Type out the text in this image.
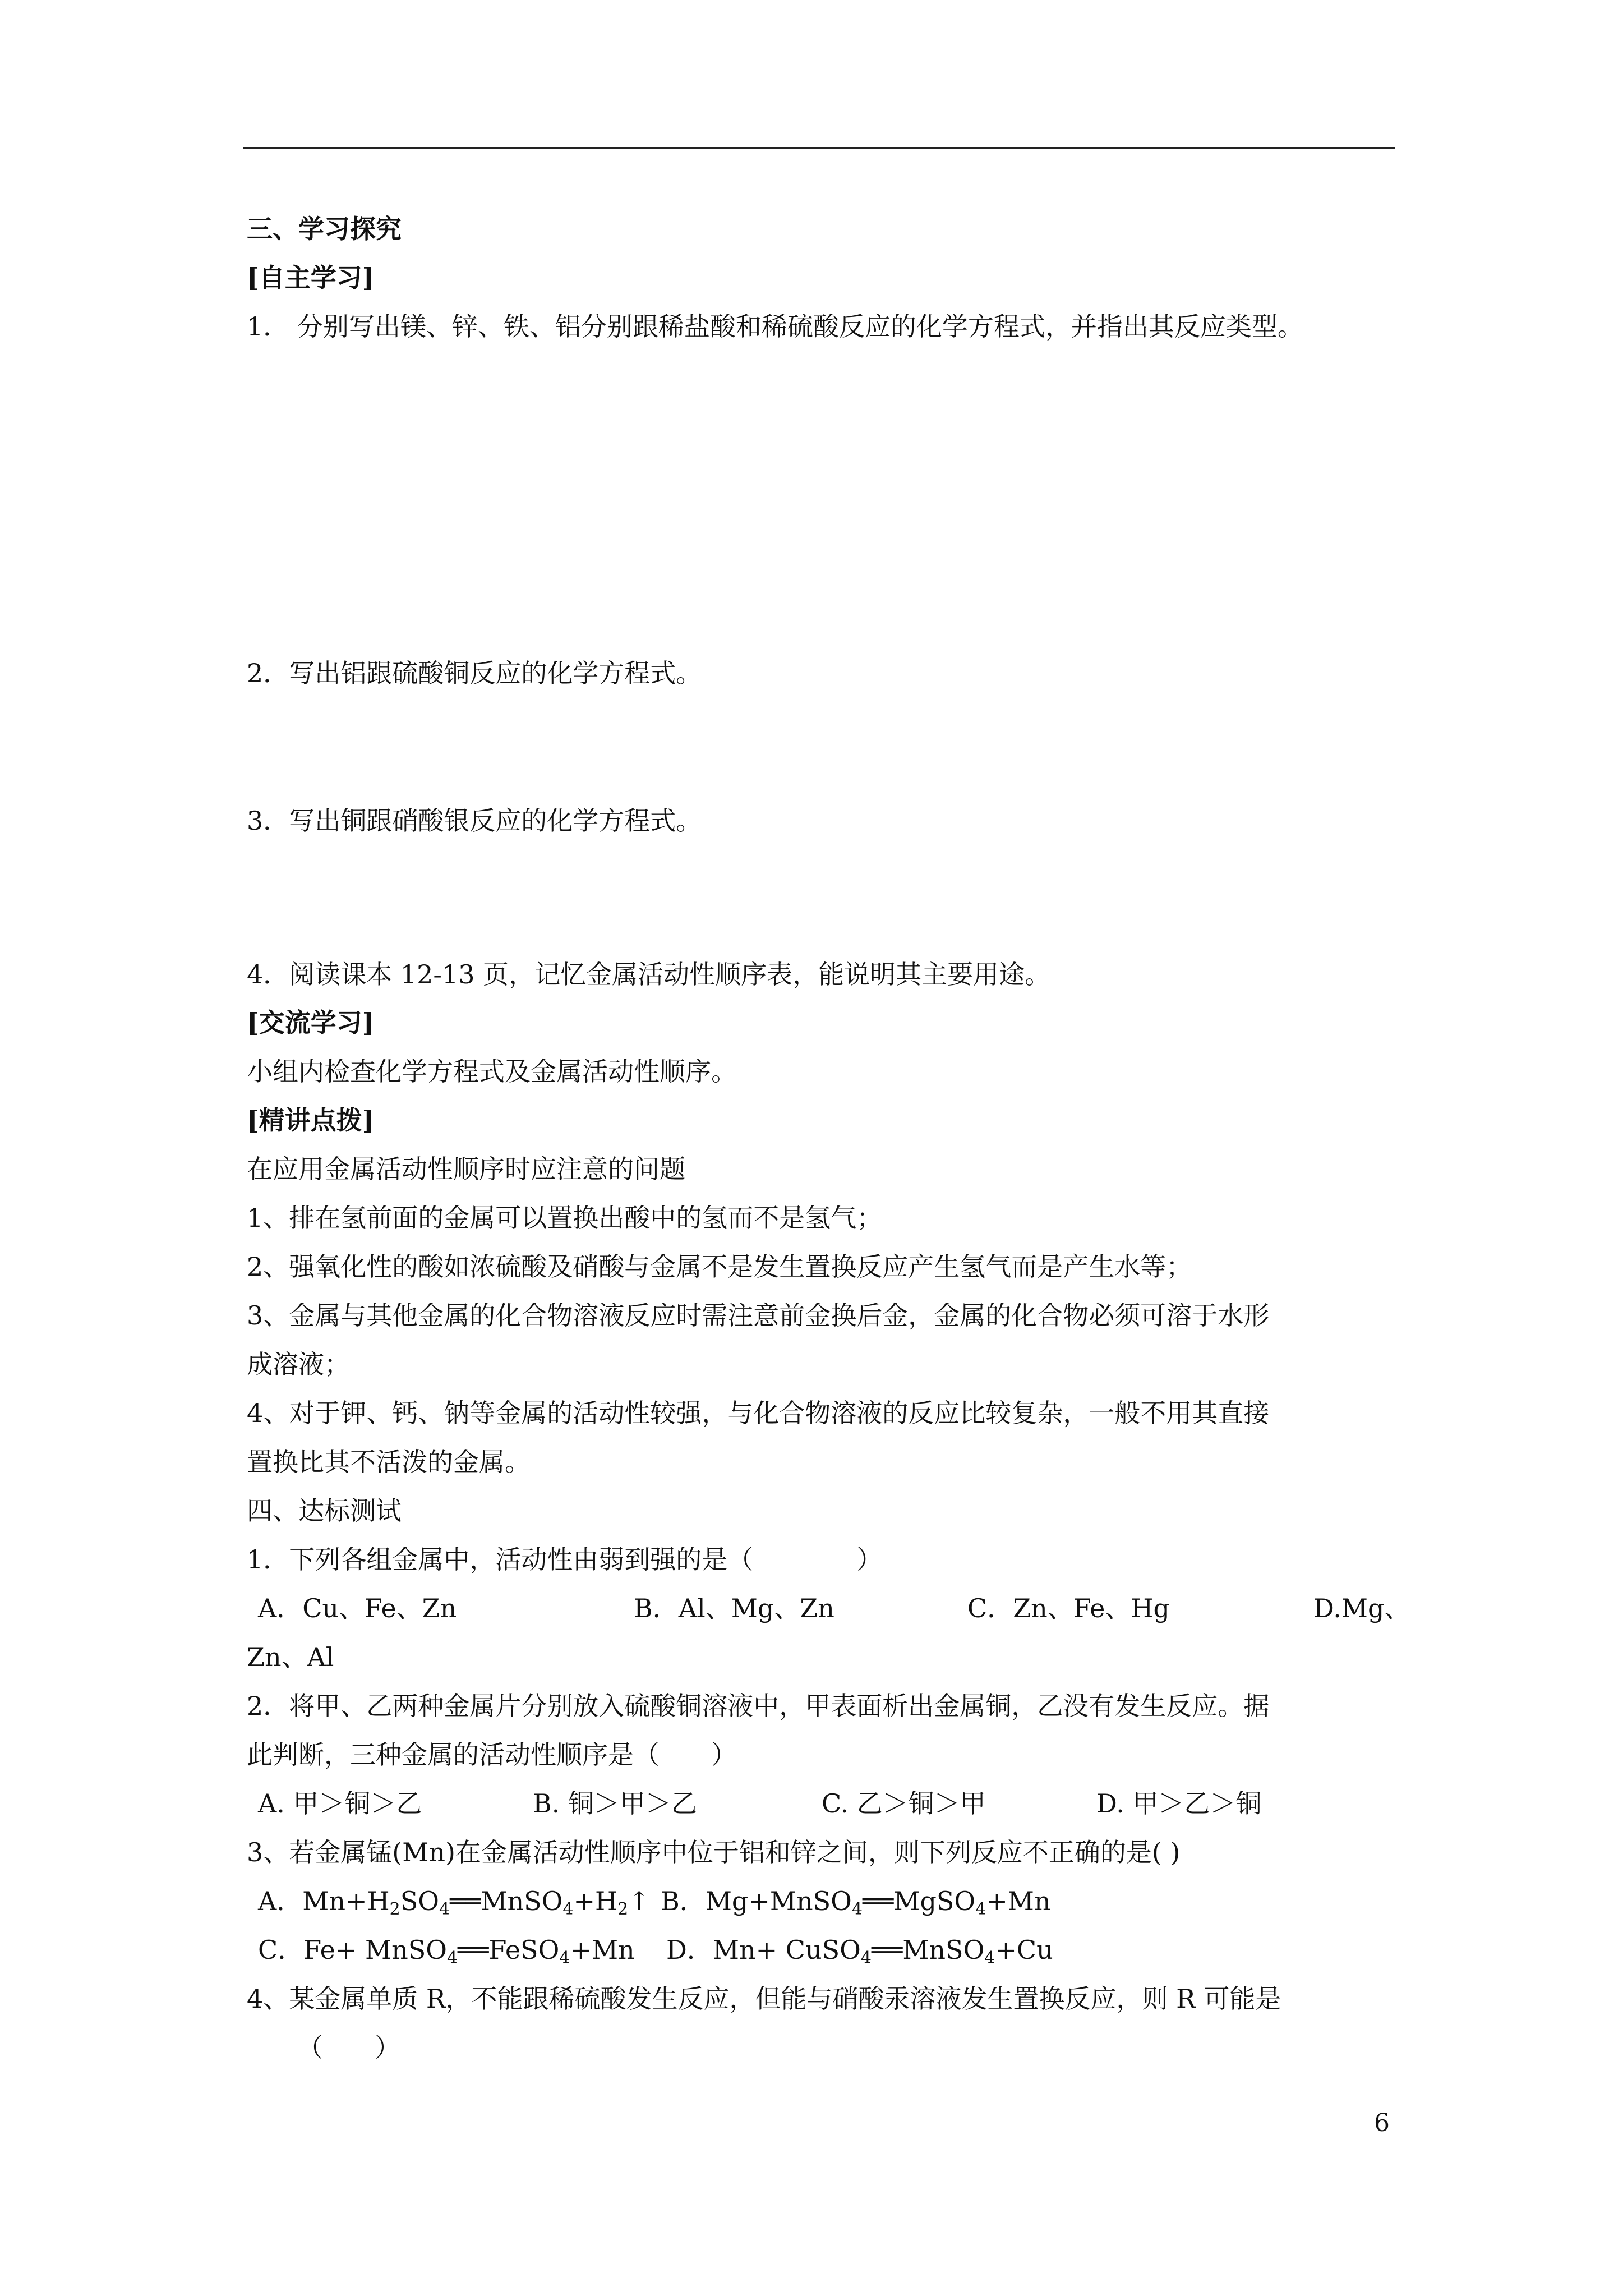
三、学习探究
[自主学习]
1． 分别写出镁、锌、铁、铝分别跟稀盐酸和稀硫酸反应的化学方程式，并指出其反应类型。
2．写出铝跟硫酸铜反应的化学方程式。
3．写出铜跟硝酸银反应的化学方程式。
4．阅读课本 12-13 页，记忆金属活动性顺序表，能说明其主要用途。
[交流学习]
小组内检查化学方程式及金属活动性顺序。
[精讲点拨]
在应用金属活动性顺序时应注意的问题
1、排在氢前面的金属可以置换出酸中的氢而不是氢气；
2、强氧化性的酸如浓硫酸及硝酸与金属不是发生置换反应产生氢气而是产生水等；
3、金属与其他金属的化合物溶液反应时需注意前金换后金，金属的化合物必须可溶于水形
成溶液；
4、对于钾、钙、钠等金属的活动性较强，与化合物溶液的反应比较复杂，一般不用其直接
置换比其不活泼的金属。
四、达标测试
1．下列各组金属中，活动性由弱到强的是（　　　　）
A．Cu、Fe、Zn	B．Al、Mg、Zn	C．Zn、Fe、Hg	D.Mg、
Zn、Al
2．将甲、乙两种金属片分别放入硫酸铜溶液中，甲表面析出金属铜，乙没有发生反应。据
此判断，三种金属的活动性顺序是（　　）
A. 甲＞铜＞乙	B. 铜＞甲＞乙	C. 乙＞铜＞甲	D. 甲＞乙＞铜
3、若金属锰(Mn)在金属活动性顺序中位于铝和锌之间，则下列反应不正确的是( )
A．$Mn+H_2SO_4══MnSO_4+H_2↑$ B．Mg+MnSO$_4$══MgSO$_4$+Mn
C．Fe+ MnSO$_4$══FeSO$_4$+Mn D．Mn+ CuSO$_4$══MnSO$_4$+Cu
4、某金属单质 R，不能跟稀硫酸发生反应，但能与硝酸汞溶液发生置换反应，则 R 可能是
（　　）
6
